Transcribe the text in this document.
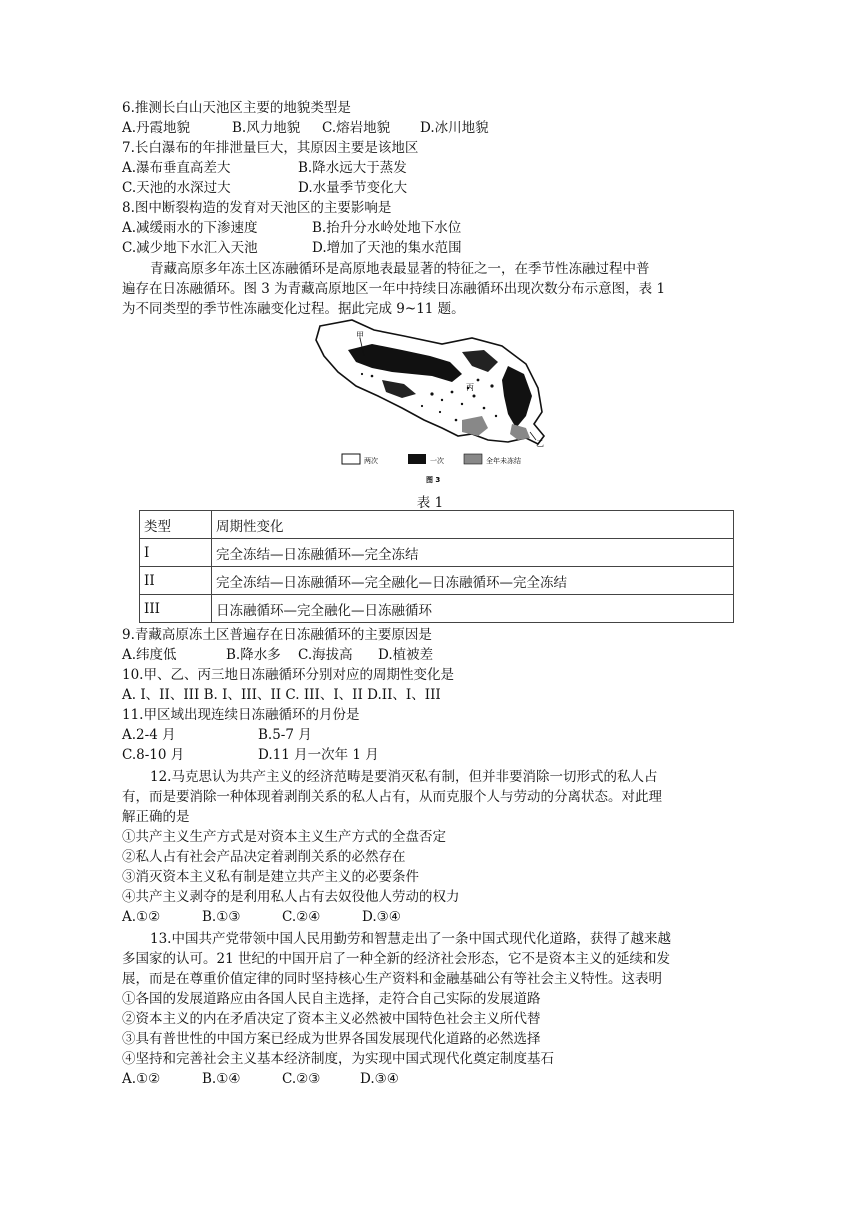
6.推测长白山天池区主要的地貌类型是
A.丹霞地貌	B.风力地貌	C.熔岩地貌	D.冰川地貌
7.长白瀑布的年排泄量巨大，其原因主要是该地区
A.瀑布垂直高差大	B.降水远大于蒸发
C.天池的水深过大	D.水量季节变化大
8.图中断裂构造的发育对天池区的主要影响是
A.减缓雨水的下渗速度	B.抬升分水岭处地下水位
C.减少地下水汇入天池	D.增加了天池的集水范围
青藏高原多年冻土区冻融循环是高原地表最显著的特征之一，在季节性冻融过程中普
遍存在日冻融循环。图 3 为青藏高原地区一年中持续日冻融循环出现次数分布示意图，表 1
为不同类型的季节性冻融变化过程。据此完成 9~11 题。
甲
丙
乙
两次	一次	全年未冻结
图 3
表 1
类型	周期性变化
I	完全冻结—日冻融循环—完全冻结
II	完全冻结—日冻融循环—完全融化—日冻融循环—完全冻结
III	日冻融循环—完全融化—日冻融循环
9.青藏高原冻土区普遍存在日冻融循环的主要原因是
A.纬度低	B.降水多	C.海拔高	D.植被差
10.甲、乙、丙三地日冻融循环分别对应的周期性变化是
A. I、II、III B. I、III、II C. III、I、II D.II、I、III
11.甲区域出现连续日冻融循环的月份是
A.2-4 月	B.5-7 月
C.8-10 月	D.11 月一次年 1 月
12.马克思认为共产主义的经济范畴是要消灭私有制，但并非要消除一切形式的私人占
有，而是要消除一种体现着剥削关系的私人占有，从而克服个人与劳动的分离状态。对此理
解正确的是
①共产主义生产方式是对资本主义生产方式的全盘否定
②私人占有社会产品决定着剥削关系的必然存在
③消灭资本主义私有制是建立共产主义的必要条件
④共产主义剥夺的是利用私人占有去奴役他人劳动的权力
A.①②	B.①③	C.②④	D.③④
13.中国共产党带领中国人民用勤劳和智慧走出了一条中国式现代化道路，获得了越来越
多国家的认可。21 世纪的中国开启了一种全新的经济社会形态，它不是资本主义的延续和发
展，而是在尊重价值定律的同时坚持核心生产资料和金融基础公有等社会主义特性。这表明
①各国的发展道路应由各国人民自主选择，走符合自己实际的发展道路
②资本主义的内在矛盾决定了资本主义必然被中国特色社会主义所代替
③具有普世性的中国方案已经成为世界各国发展现代化道路的必然选择
④坚持和完善社会主义基本经济制度，为实现中国式现代化奠定制度基石
A.①②	B.①④	C.②③	D.③④
